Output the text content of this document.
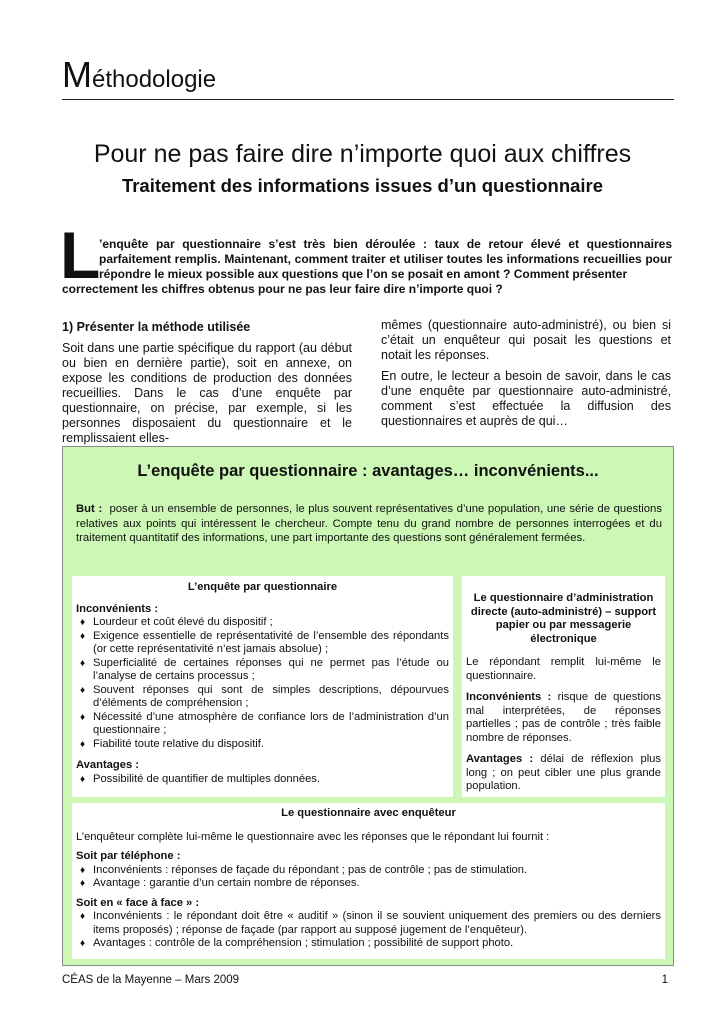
Méthodologie
Pour ne pas faire dire n’importe quoi aux chiffres
Traitement des informations issues d’un questionnaire
L

’enquête par questionnaire s’est très bien déroulée : taux de retour élevé et questionnaires parfaitement remplis. Maintenant, comment traiter et utiliser toutes les informations recueillies pour répondre le mieux possible aux questions que l’on se posait en amont ? Comment présenter

correctement les chiffres obtenus pour ne pas leur faire dire n’importe quoi ?

1) Présenter la méthode utilisée

Soit dans une partie spécifique du rapport (au début ou bien en dernière partie), soit en annexe, on expose les conditions de production des données recueillies. Dans le cas d’une enquête par questionnaire, on précise, par exemple, si les personnes disposaient du questionnaire et le remplissaient elles-

mêmes (questionnaire auto-administré), ou bien si c’était un enquêteur qui posait les questions et notait les réponses.

En outre, le lecteur a besoin de savoir, dans le cas d’une enquête par questionnaire auto-administré, comment s’est effectuée la diffusion des questionnaires et auprès de qui…

L’enquête par questionnaire : avantages… inconvénients...
But : poser à un ensemble de personnes, le plus souvent représentatives d’une population, une série de questions relatives aux points qui intéressent le chercheur. Compte tenu du grand nombre de personnes interrogées et du traitement quantitatif des informations, une part importante des questions sont généralement fermées.
L’enquête par questionnaire
Inconvénients :
♦ Lourdeur et coût élevé du dispositif ;
♦ Exigence essentielle de représentativité de l’ensemble des répondants (or cette représentativité n’est jamais absolue) ;
♦ Superficialité de certaines réponses qui ne permet pas l’étude ou l’analyse de certains processus ;
♦ Souvent réponses qui sont de simples descriptions, dépourvues d’éléments de compréhension ;
♦ Nécessité d’une atmosphère de confiance lors de l’administration d’un questionnaire ;
♦ Fiabilité toute relative du dispositif.
Avantages :
♦ Possibilité de quantifier de multiples données.
Le questionnaire d’administration directe (auto-administré) – support papier ou par messagerie électronique

Le répondant remplit lui-même le questionnaire.

Inconvénients : risque de questions mal interprétées, de réponses partielles ; pas de contrôle ; très faible nombre de réponses.

Avantages : délai de réflexion plus long ; on peut cibler une plus grande population.

Le questionnaire avec enquêteur

L’enquêteur complète lui-même le questionnaire avec les réponses que le répondant lui fournit :

Soit par téléphone :
♦ Inconvénients : réponses de façade du répondant ; pas de contrôle ; pas de stimulation.
♦ Avantage : garantie d’un certain nombre de réponses.
Soit en « face à face » :
♦ Inconvénients : le répondant doit être « auditif » (sinon il se souvient uniquement des premiers ou des derniers items proposés) ; réponse de façade (par rapport au supposé jugement de l’enquêteur).
♦ Avantages : contrôle de la compréhension ; stimulation ; possibilité de support photo.
CÉAS de la Mayenne – Mars 2009	1
